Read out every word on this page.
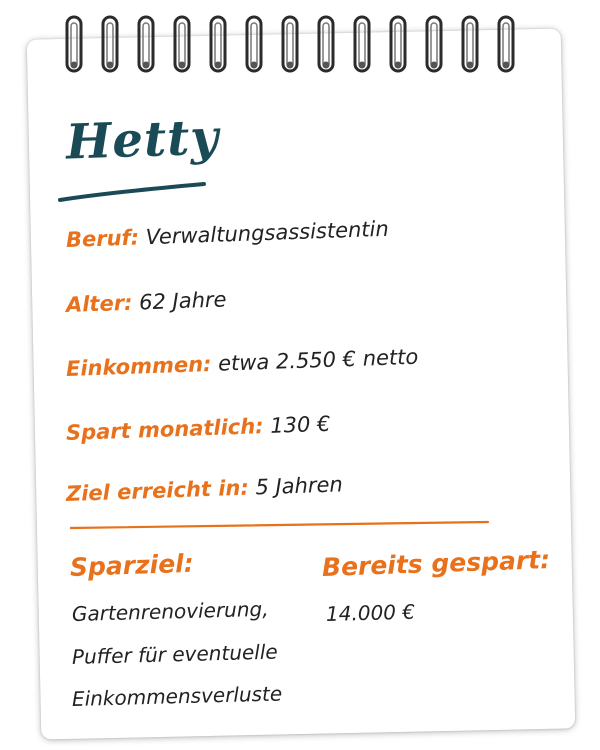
Hetty
Beruf: Verwaltungsassistentin
Alter: 62 Jahre
Einkommen: etwa 2.550 € netto
Spart monatlich: 130 €
Ziel erreicht in: 5 Jahren
Sparziel:
Gartenrenovierung,
Puffer für eventuelle
Einkommensverluste
Bereits gespart:
14.000 €
